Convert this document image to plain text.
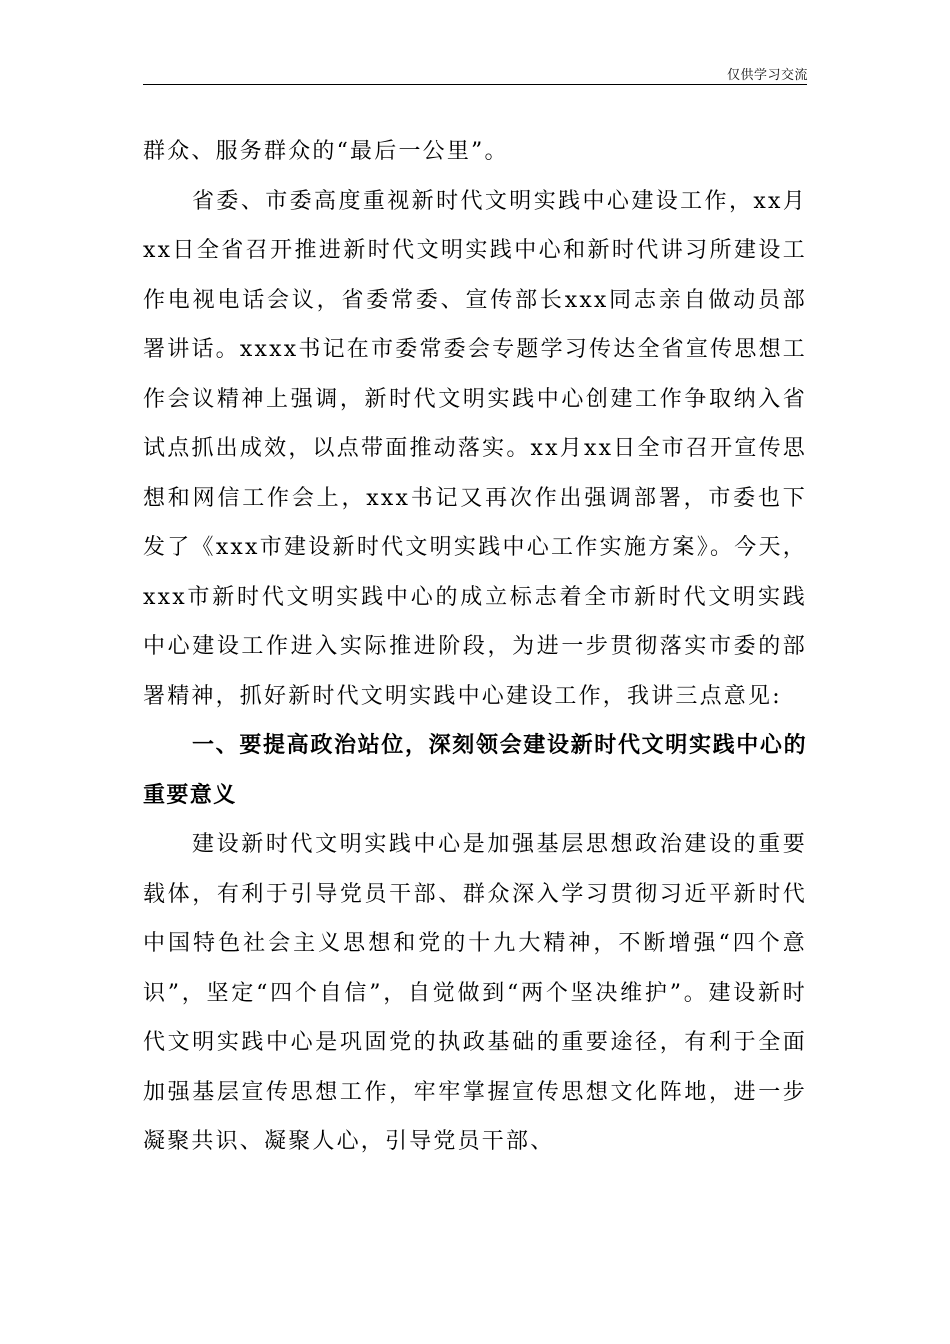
仅供学习交流

群众、服务群众的“最后一公里”。

省委、市委高度重视新时代文明实践中心建设工作，xx月xx日全省召开推进新时代文明实践中心和新时代讲习所建设工作电视电话会议，省委常委、宣传部长xxx同志亲自做动员部署讲话。xxxx书记在市委常委会专题学习传达全省宣传思想工作会议精神上强调，新时代文明实践中心创建工作争取纳入省试点抓出成效，以点带面推动落实。xx月xx日全市召开宣传思想和网信工作会上，xxx书记又再次作出强调部署，市委也下发了《xxx市建设新时代文明实践中心工作实施方案》。今天，xxx市新时代文明实践中心的成立标志着全市新时代文明实践中心建设工作进入实际推进阶段，为进一步贯彻落实市委的部署精神，抓好新时代文明实践中心建设工作，我讲三点意见:

一、要提高政治站位，深刻领会建设新时代文明实践中心的重要意义

建设新时代文明实践中心是加强基层思想政治建设的重要载体，有利于引导党员干部、群众深入学习贯彻习近平新时代中国特色社会主义思想和党的十九大精神，不断增强“四个意识”，坚定“四个自信”，自觉做到“两个坚决维护”。建设新时代文明实践中心是巩固党的执政基础的重要途径，有利于全面加强基层宣传思想工作，牢牢掌握宣传思想文化阵地，进一步凝聚共识、凝聚人心，引导党员干部、
